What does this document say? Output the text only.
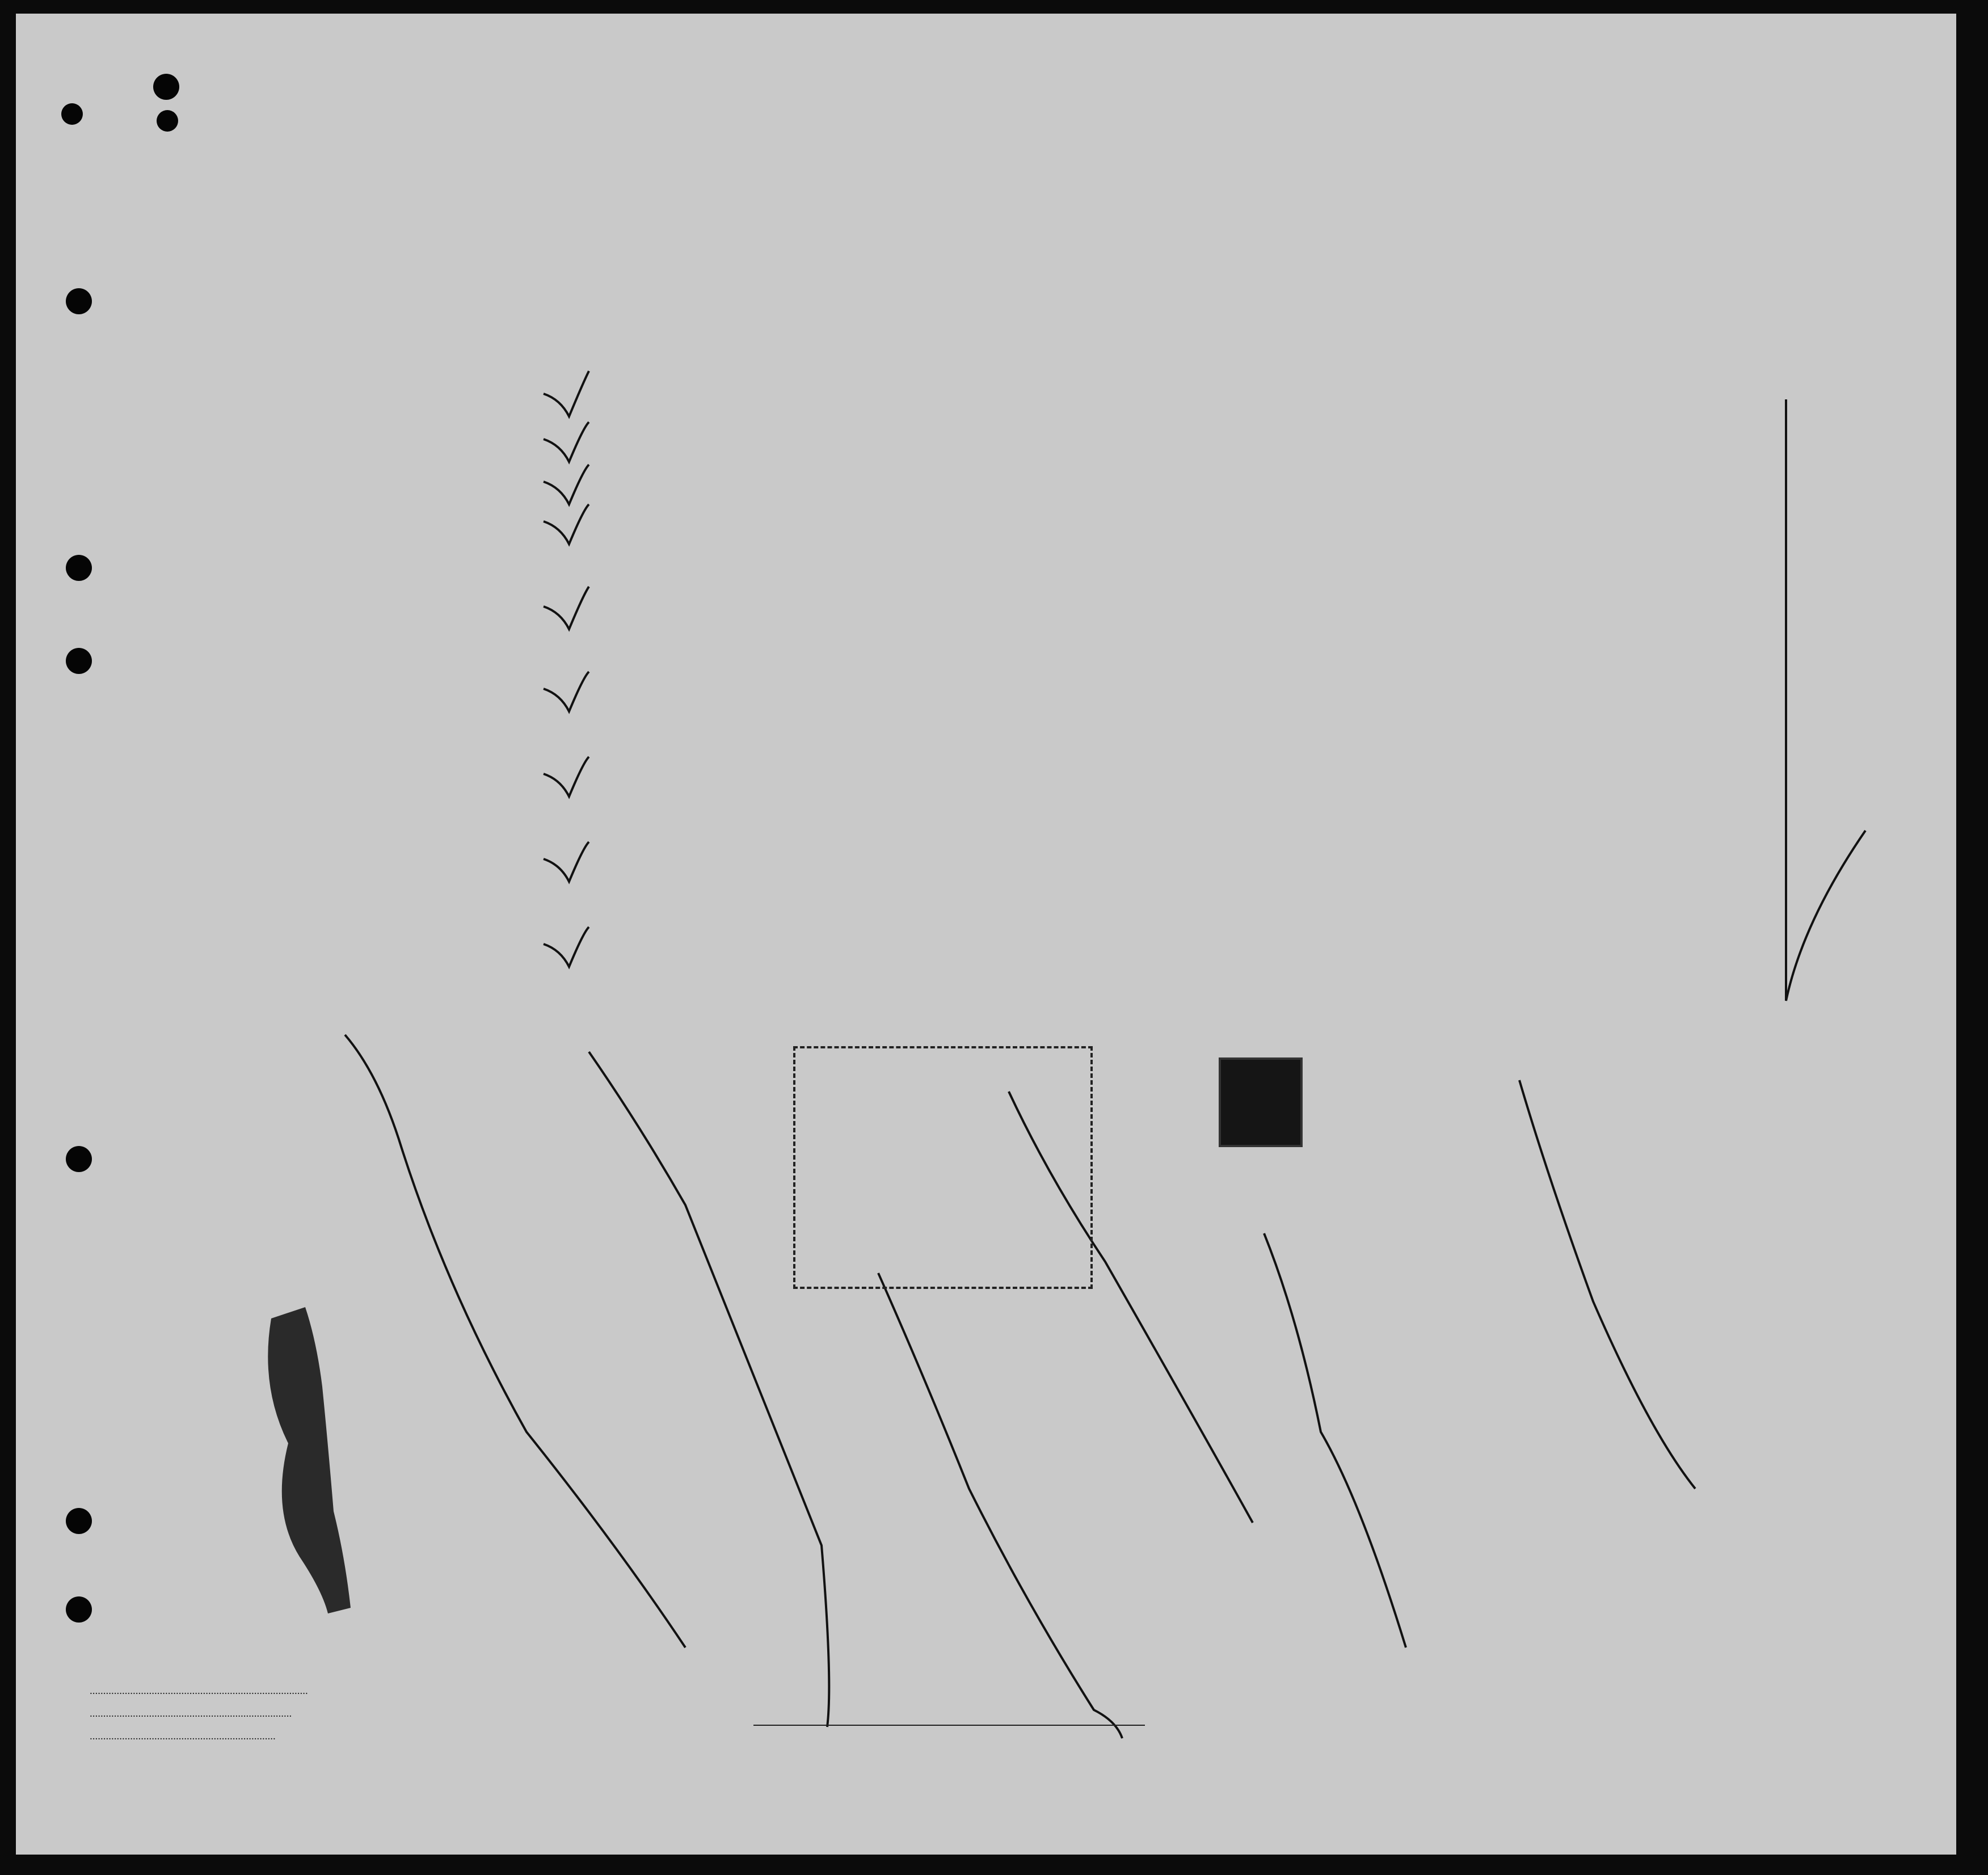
.................................................................................
...........................................................................
.....................................................................
